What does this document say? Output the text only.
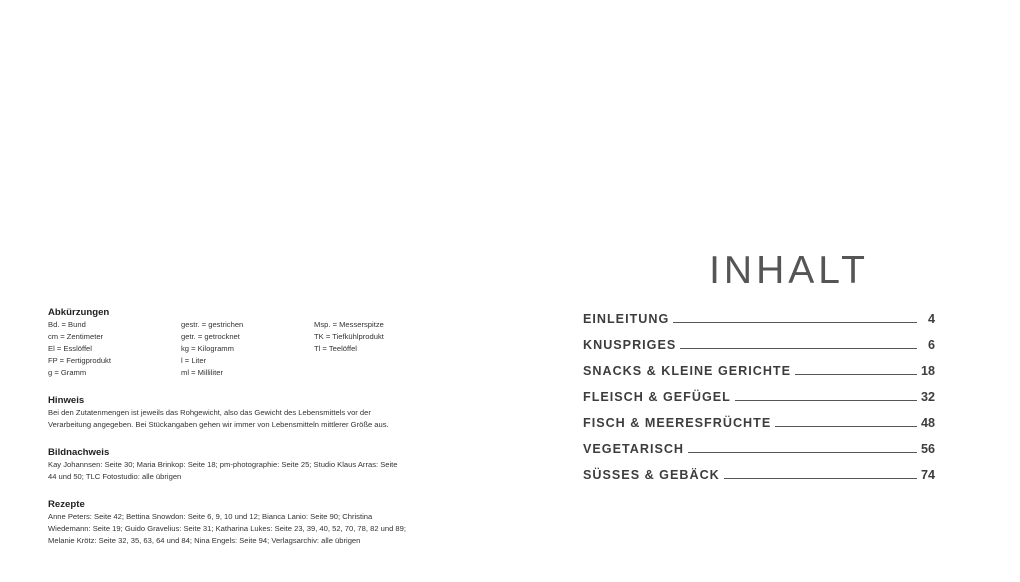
Abkürzungen
Bd. = Bund	gestr. = gestrichen	Msp. = Messerspitze
cm = Zentimeter	getr. = getrocknet	TK = Tiefkühlprodukt
El = Esslöffel	kg = Kilogramm	Tl = Teelöffel
FP = Fertigprodukt	l = Liter
g = Gramm	ml = Milliliter
Hinweis

Bei den Zutatenmengen ist jeweils das Rohgewicht, also das Gewicht des Lebensmittels vor der Verarbeitung angegeben. Bei Stückangaben gehen wir immer von Lebensmitteln mittlerer Größe aus.

Bildnachweis

Kay Johannsen: Seite 30; Maria Brinkop: Seite 18; pm-photographie: Seite 25; Studio Klaus Arras: Seite 44 und 50; TLC Fotostudio: alle übrigen

Rezepte

Anne Peters: Seite 42; Bettina Snowdon: Seite 6, 9, 10 und 12; Bianca Lanio: Seite 90; Christina Wiedemann: Seite 19; Guido Gravelius: Seite 31; Katharina Lukes: Seite 23, 39, 40, 52, 70, 78, 82 und 89; Melanie Krötz: Seite 32, 35, 63, 64 und 84; Nina Engels: Seite 94; Verlagsarchiv: alle übrigen

INHALT
EINLEITUNG	4
KNUSPRIGES	6
SNACKS & KLEINE GERICHTE	18
FLEISCH & GEFÜGEL	32
FISCH & MEERESFRÜCHTE	48
VEGETARISCH	56
SÜSSES & GEBÄCK	74
